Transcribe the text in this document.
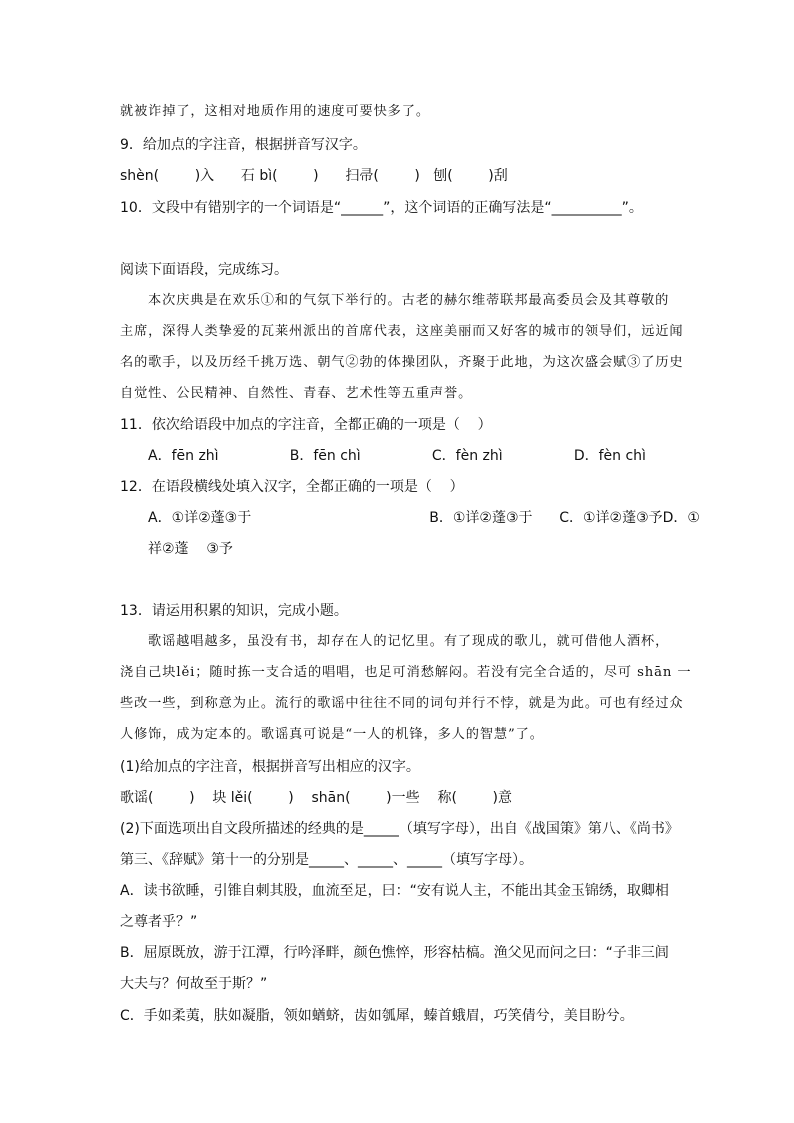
就被诈掉了，这相对地质作用的速度可要快多了。
9．给加点的字注音，根据拼音写汉字。
shèn(        )入      石 bì(        )      扫帚(        )   刨(        )刮
10．文段中有错别字的一个词语是“______”，这个词语的正确写法是“__________”。
阅读下面语段，完成练习。
本次庆典是在欢乐①和的气氛下举行的。古老的赫尔维蒂联邦最高委员会及其尊敬的
主席，深得人类挚爱的瓦莱州派出的首席代表，这座美丽而又好客的城市的领导们，远近闻
名的歌手，以及历经千挑万选、朝气②勃的体操团队，齐聚于此地，为这次盛会赋③了历史
自觉性、公民精神、自然性、青春、艺术性等五重声誉。
11．依次给语段中加点的字注音，全都正确的一项是（    ）
A．fēn zhì                B．fēn chì                C．fèn zhì                D．fèn chì
12．在语段横线处填入汉字，全都正确的一项是（    ）
A．①详②蓬③于                                        B．①详②蓬③于      C．①详②蓬③予D．①
祥②蓬    ③予
13．请运用积累的知识，完成小题。
歌谣越唱越多，虽没有书，却存在人的记忆里。有了现成的歌儿，就可借他人酒杯，
浇自己块lěi；随时拣一支合适的唱唱，也足可消愁解闷。若没有完全合适的，尽可 shān 一
些改一些，到称意为止。流行的歌谣中往往不同的词句并行不悖，就是为此。可也有经过众
人修饰，成为定本的。歌谣真可说是“一人的机锋，多人的智慧”了。
(1)给加点的字注音，根据拼音写出相应的汉字。
歌谣(        )    块 lěi(        )    shān(        )一些    称(        )意
(2)下面选项出自文段所描述的经典的是_____（填写字母），出自《战国策》第八、《尚书》
第三、《辞赋》第十一的分别是_____、_____、_____（填写字母）。
A．读书欲睡，引锥自刺其股，血流至足，曰：“安有说人主，不能出其金玉锦绣，取卿相
之尊者乎？”
B．屈原既放，游于江潭，行吟泽畔，颜色憔悴，形容枯槁。渔父见而问之曰：“子非三闾
大夫与？何故至于斯？”
C．手如柔荑，肤如凝脂，领如蝤蛴，齿如瓠犀，螓首蛾眉，巧笑倩兮，美目盼兮。
